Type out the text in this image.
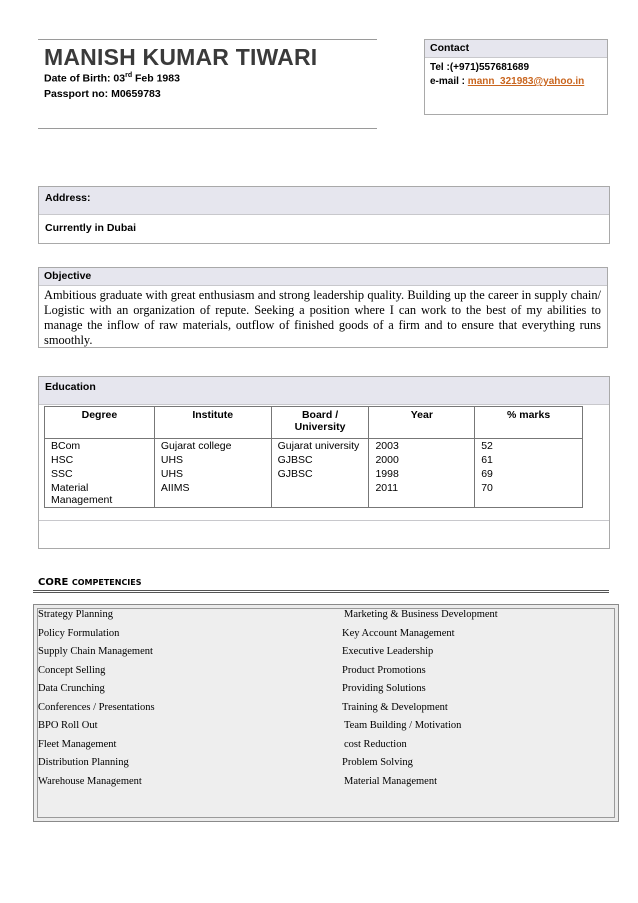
MANISH KUMAR TIWARI
Date of Birth: 03rd Feb 1983
Passport no: M0659783
Contact
Tel :(+971)557681689
e-mail : mann_321983@yahoo.in
Address:
Currently in Dubai
Objective
Ambitious graduate with great enthusiasm and strong leadership quality. Building up the career in supply chain/ Logistic with an organization of repute. Seeking a position where I can work to the best of my abilities to manage the inflow of raw materials, outflow of finished goods of a firm and to ensure that everything runs smoothly.
Education
Degree	Institute	Board / University	Year	% marks
BCom	Gujarat college	Gujarat university	2003	52
HSC	UHS	GJBSC	2000	61
SSC	UHS	GJBSC	1998	69
Material Management	AIIMS		2011	70
CORE COMPETENCIES
Strategy Planning
Policy Formulation
Supply Chain Management
Concept Selling
Data Crunching
Conferences / Presentations
BPO Roll Out
Fleet Management
Distribution Planning
Warehouse Management
Marketing & Business Development
Key Account Management
Executive Leadership
Product Promotions
Providing Solutions
Training & Development
Team Building / Motivation
cost Reduction
Problem Solving
Material Management
